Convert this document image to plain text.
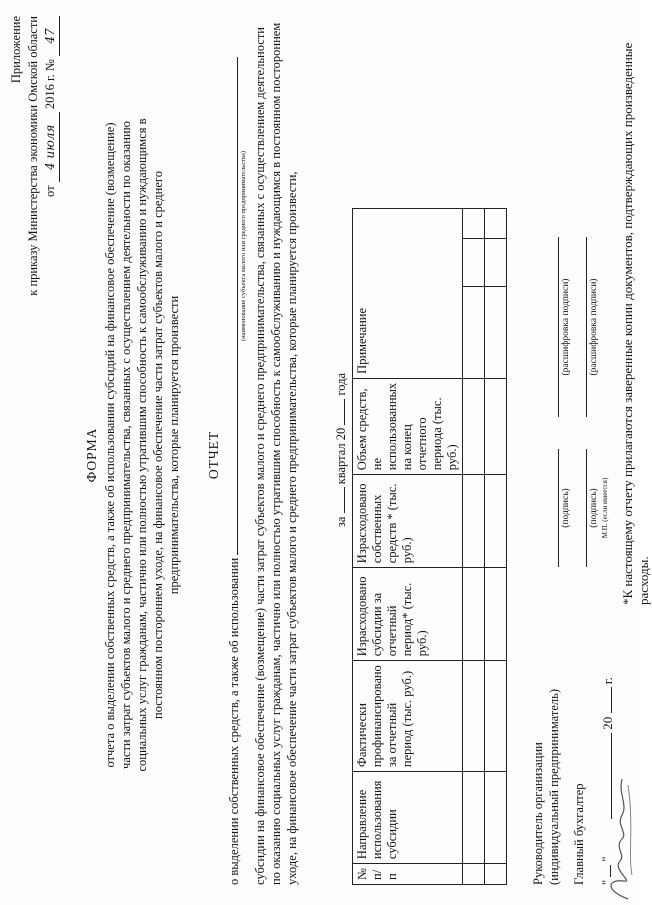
Приложение к приказу Министерства экономики Омской области от 4 июля 2016 г. № 47
ФОРМА отчета о выделении собственных средств, а также об использовании субсидий на финансовое обеспечение (возмещение) части затрат субъектов малого и среднего предпринимательства, связанных с осуществлением деятельности по оказанию социальных услуг гражданам, частично или полностью утратившим способность к самообслуживанию и нуждающимся в постоянном постороннем уходе, на финансовое обеспечение части затрат субъектов малого и среднего предпринимательства, которые планируется произвести ОТЧЕТ
о выделении собственных средств, а также об использовании
(наименование субъекта малого или среднего предпринимательства) субсидии на финансовое обеспечение (возмещение) части затрат субъектов малого и среднего предпринимательства, связанных с осуществлением деятельности по оказанию социальных услуг гражданам, частично или полностью утратившим способность к самообслуживанию и нуждающимся в постоянном постороннем уходе, на финансовое обеспечение части затрат субъектов малого и среднего предпринимательства, которые планируется произвести,	за  квартал 20  года
№ п/п	Направление использования субсидии	Фактически профинансировано за отчетный период (тыс. руб.)	Израсходовано субсидии за отчетный период* (тыс. руб.)	Израсходовано собственных средств * (тыс. руб.)	Объем средств, не использованных на конец отчетного периода (тыс. руб.)	Примечание		

Руководитель организации (индивидуальный предприниматель)
(подпись)
(расшифровка подписи)
Главный бухгалтер
(подпись) М.П. (если имеется)
(расшифровка подписи)
"  "
20  г.
*К настоящему отчету прилагаются заверенные копии документов, подтверждающих произведенные расходы.
